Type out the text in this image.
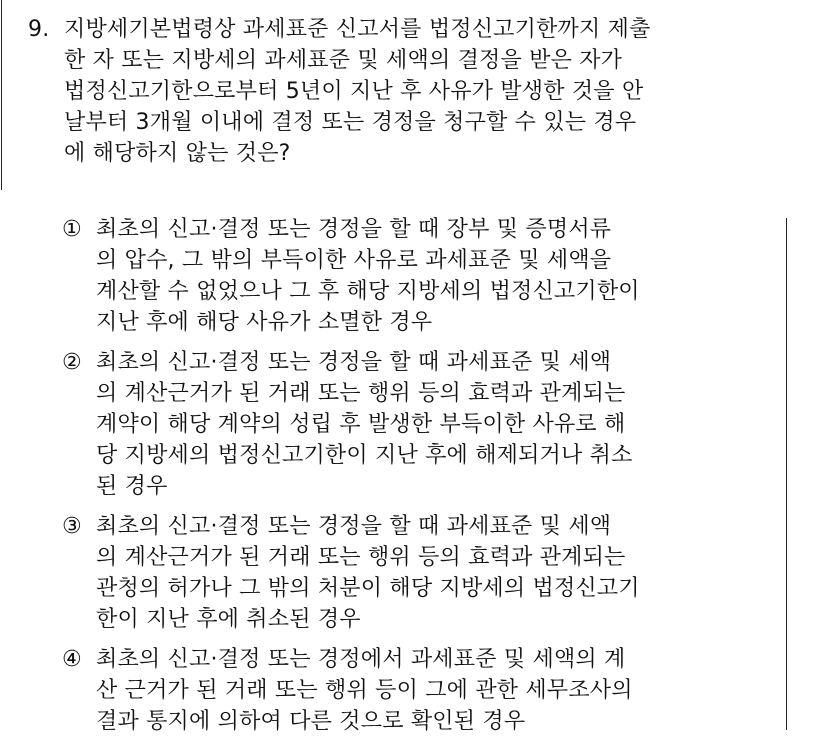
9. 지방세기본법령상 과세표준 신고서를 법정신고기한까지 제출
한 자 또는 지방세의 과세표준 및 세액의 결정을 받은 자가
법정신고기한으로부터 5년이 지난 후 사유가 발생한 것을 안
날부터 3개월 이내에 결정 또는 경정을 청구할 수 있는 경우
에 해당하지 않는 것은?
① 최초의 신고·결정 또는 경정을 할 때 장부 및 증명서류
의 압수, 그 밖의 부득이한 사유로 과세표준 및 세액을
계산할 수 없었으나 그 후 해당 지방세의 법정신고기한이
지난 후에 해당 사유가 소멸한 경우
② 최초의 신고·결정 또는 경정을 할 때 과세표준 및 세액
의 계산근거가 된 거래 또는 행위 등의 효력과 관계되는
계약이 해당 계약의 성립 후 발생한 부득이한 사유로 해
당 지방세의 법정신고기한이 지난 후에 해제되거나 취소
된 경우
③ 최초의 신고·결정 또는 경정을 할 때 과세표준 및 세액
의 계산근거가 된 거래 또는 행위 등의 효력과 관계되는
관청의 허가나 그 밖의 처분이 해당 지방세의 법정신고기
한이 지난 후에 취소된 경우
④ 최초의 신고·결정 또는 경정에서 과세표준 및 세액의 계
산 근거가 된 거래 또는 행위 등이 그에 관한 세무조사의
결과 통지에 의하여 다른 것으로 확인된 경우
